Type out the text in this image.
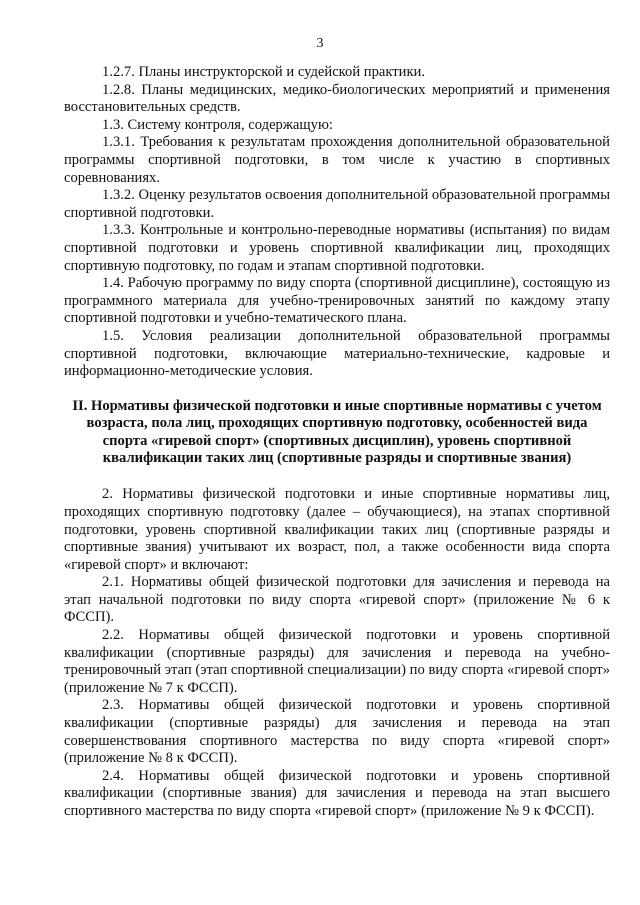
3

1.2.7. Планы инструкторской и судейской практики.

1.2.8. Планы медицинских, медико-биологических мероприятий и применения восстановительных средств.

1.3. Систему контроля, содержащую:

1.3.1. Требования к результатам прохождения дополнительной образовательной программы спортивной подготовки, в том числе к участию в спортивных соревнованиях.

1.3.2. Оценку результатов освоения дополнительной образовательной программы спортивной подготовки.

1.3.3. Контрольные и контрольно-переводные нормативы (испытания) по видам спортивной подготовки и уровень спортивной квалификации лиц, проходящих спортивную подготовку, по годам и этапам спортивной подготовки.

1.4. Рабочую программу по виду спорта (спортивной дисциплине), состоящую из программного материала для учебно-тренировочных занятий по каждому этапу спортивной подготовки и учебно-тематического плана.

1.5. Условия реализации дополнительной образовательной программы спортивной подготовки, включающие материально-технические, кадровые и информационно-методические условия.

II. Нормативы физической подготовки и иные спортивные нормативы с учетом возраста, пола лиц, проходящих спортивную подготовку, особенностей вида спорта «гиревой спорт» (спортивных дисциплин), уровень спортивной квалификации таких лиц (спортивные разряды и спортивные звания)

2. Нормативы физической подготовки и иные спортивные нормативы лиц, проходящих спортивную подготовку (далее – обучающиеся), на этапах спортивной подготовки, уровень спортивной квалификации таких лиц (спортивные разряды и спортивные звания) учитывают их возраст, пол, а также особенности вида спорта «гиревой спорт» и включают:

2.1. Нормативы общей физической подготовки для зачисления и перевода на этап начальной подготовки по виду спорта «гиревой спорт» (приложение № 6 к ФССП).

2.2. Нормативы общей физической подготовки и уровень спортивной квалификации (спортивные разряды) для зачисления и перевода на учебно-тренировочный этап (этап спортивной специализации) по виду спорта «гиревой спорт» (приложение № 7 к ФССП).

2.3. Нормативы общей физической подготовки и уровень спортивной квалификации (спортивные разряды) для зачисления и перевода на этап совершенствования спортивного мастерства по виду спорта «гиревой спорт» (приложение № 8 к ФССП).

2.4. Нормативы общей физической подготовки и уровень спортивной квалификации (спортивные звания) для зачисления и перевода на этап высшего спортивного мастерства по виду спорта «гиревой спорт» (приложение № 9 к ФССП).
